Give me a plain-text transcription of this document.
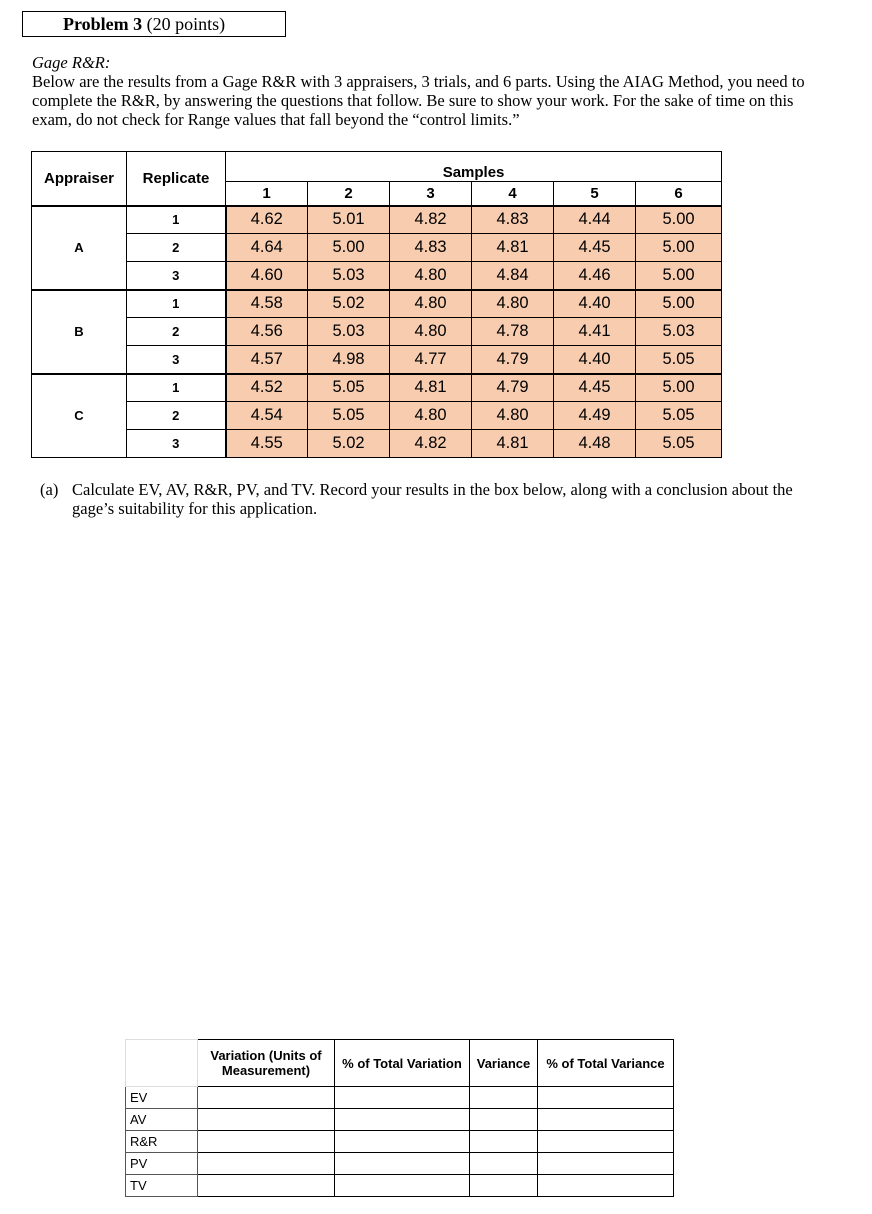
Problem 3 (20 points)
Gage R&R:
Below are the results from a Gage R&R with 3 appraisers, 3 trials, and 6 parts. Using the AIAG Method, you need to complete the R&R, by answering the questions that follow. Be sure to show your work. For the sake of time on this exam, do not check for Range values that fall beyond the “control limits.”
Appraiser	Replicate	Samples					
		1	2	3	4	5	6
A	1	4.62	5.01	4.82	4.83	4.44	5.00
	2	4.64	5.00	4.83	4.81	4.45	5.00
	3	4.60	5.03	4.80	4.84	4.46	5.00
B	1	4.58	5.02	4.80	4.80	4.40	5.00
	2	4.56	5.03	4.80	4.78	4.41	5.03
	3	4.57	4.98	4.77	4.79	4.40	5.05
C	1	4.52	5.05	4.81	4.79	4.45	5.00
	2	4.54	5.05	4.80	4.80	4.49	5.05
	3	4.55	5.02	4.82	4.81	4.48	5.05
(a) Calculate EV, AV, R&R, PV, and TV. Record your results in the box below, along with a conclusion about the gage’s suitability for this application.
	Variation (Units of Measurement)	% of Total Variation	Variance	% of Total Variance
EV				
AV				
R&R				
PV				
TV				
